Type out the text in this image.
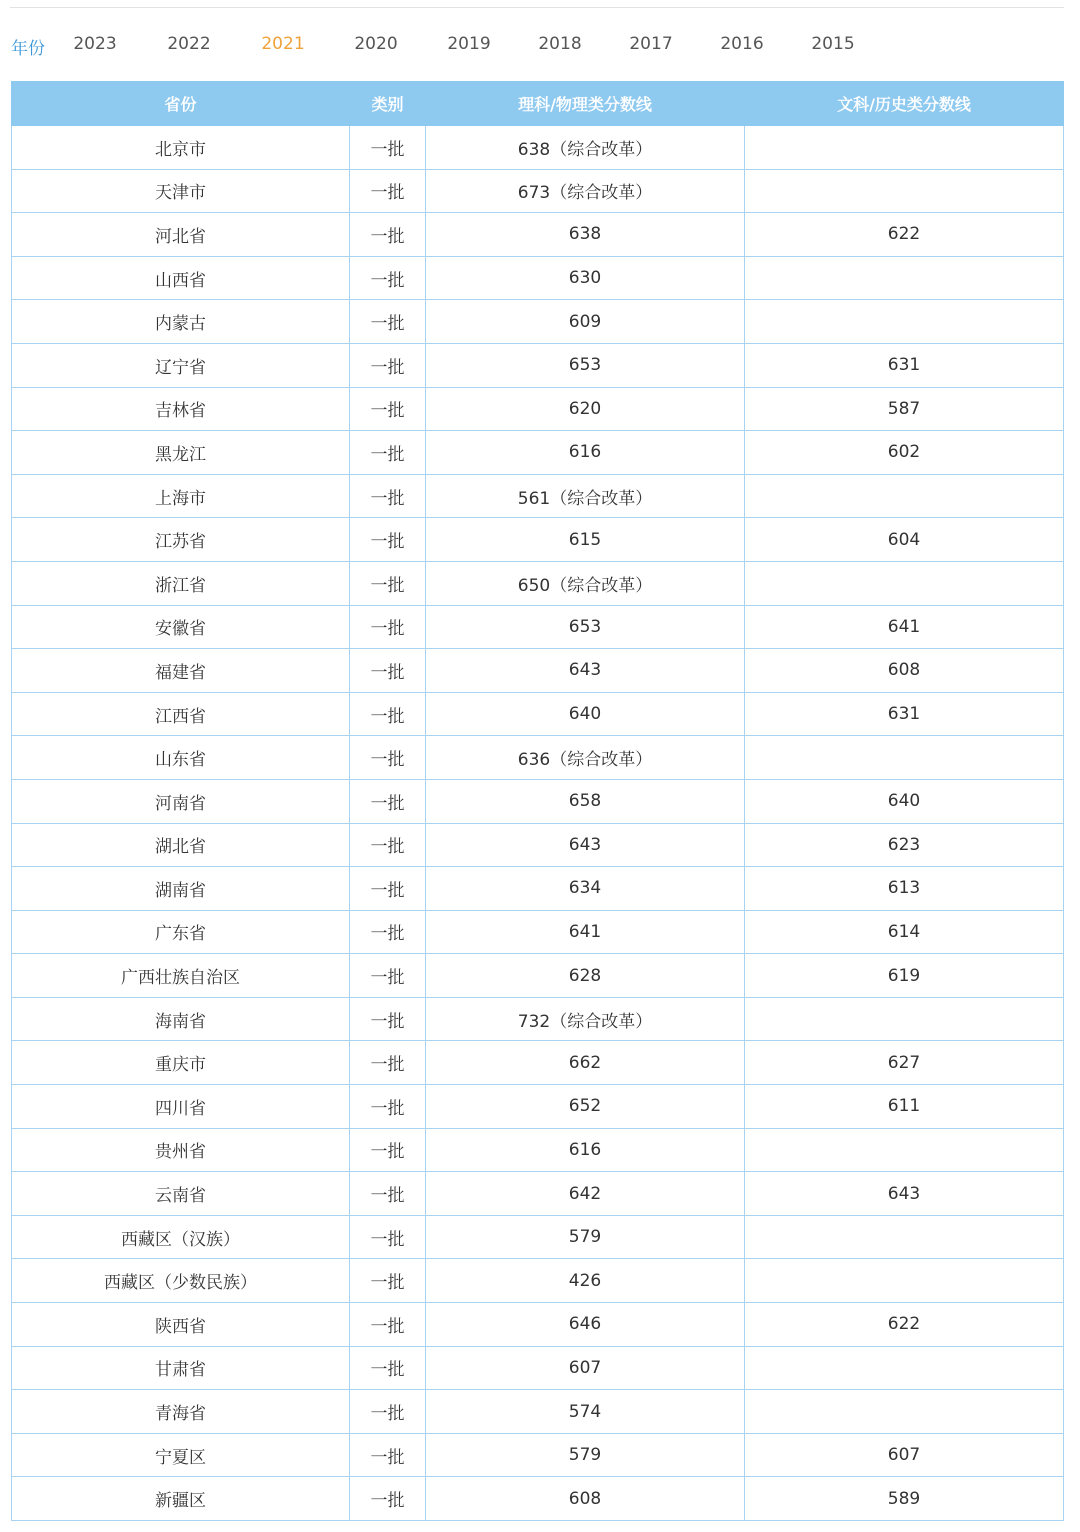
年份 2023	2022	2021	2020	2019	2018	2017	2016	2015
省份	类别	理科/物理类分数线	文科/历史类分数线
北京市	一批	638（综合改革）	
天津市	一批	673（综合改革）	
河北省	一批	638	622
山西省	一批	630	
内蒙古	一批	609	
辽宁省	一批	653	631
吉林省	一批	620	587
黑龙江	一批	616	602
上海市	一批	561（综合改革）	
江苏省	一批	615	604
浙江省	一批	650（综合改革）	
安徽省	一批	653	641
福建省	一批	643	608
江西省	一批	640	631
山东省	一批	636（综合改革）	
河南省	一批	658	640
湖北省	一批	643	623
湖南省	一批	634	613
广东省	一批	641	614
广西壮族自治区	一批	628	619
海南省	一批	732（综合改革）	
重庆市	一批	662	627
四川省	一批	652	611
贵州省	一批	616	
云南省	一批	642	643
西藏区（汉族）	一批	579	
西藏区（少数民族）	一批	426	
陕西省	一批	646	622
甘肃省	一批	607	
青海省	一批	574	
宁夏区	一批	579	607
新疆区	一批	608	589
